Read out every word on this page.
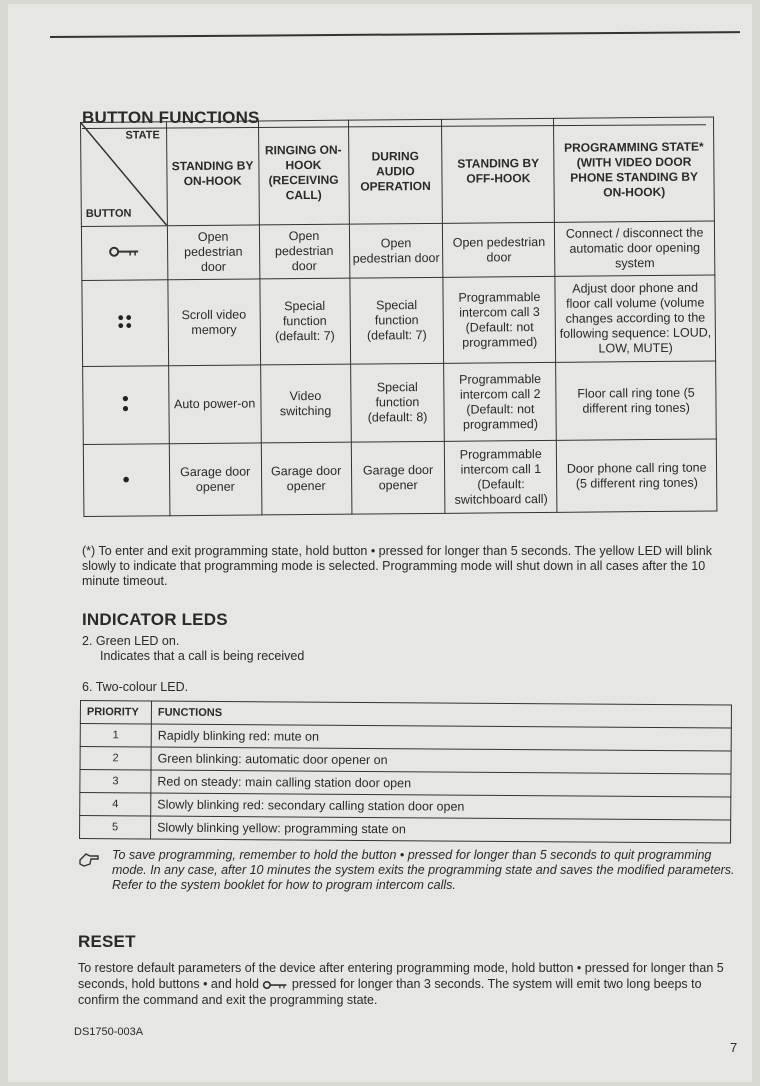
BUTTON FUNCTIONS
STATE
BUTTON	STANDING BY ON-HOOK	RINGING ON-HOOK (RECEIVING CALL)	DURING AUDIO OPERATION	STANDING BY OFF-HOOK	PROGRAMMING STATE* (WITH VIDEO DOOR PHONE STANDING BY ON-HOOK)
	Open pedestrian door	Open pedestrian door	Open pedestrian door	Open pedestrian door	Connect / disconnect the automatic door opening system
	Scroll video memory	Special function (default: 7)	Special function (default: 7)	Programmable intercom call 3 (Default: not programmed)	Adjust door phone and floor call volume (volume changes according to the following sequence: LOUD, LOW, MUTE)
	Auto power-on	Video switching	Special function (default: 8)	Programmable intercom call 2 (Default: not programmed)	Floor call ring tone (5 different ring tones)
	Garage door opener	Garage door opener	Garage door opener	Programmable intercom call 1 (Default: switchboard call)	Door phone call ring tone (5 different ring tones)
(*) To enter and exit programming state, hold button • pressed for longer than 5 seconds. The yellow LED will blink slowly to indicate that programming mode is selected. Programming mode will shut down in all cases after the 10 minute timeout.
INDICATOR LEDS
2. Green LED on.
Indicates that a call is being received
6. Two-colour LED.
PRIORITY	FUNCTIONS
1	Rapidly blinking red: mute on
2	Green blinking: automatic door opener on
3	Red on steady: main calling station door open
4	Slowly blinking red: secondary calling station door open
5	Slowly blinking yellow: programming state on
To save programming, remember to hold the button • pressed for longer than 5 seconds to quit programming mode. In any case, after 10 minutes the system exits the programming state and saves the modified parameters.
Refer to the system booklet for how to program intercom calls.
RESET
To restore default parameters of the device after entering programming mode, hold button • pressed for longer than 5 seconds, hold buttons • and hold	pressed for longer than 3 seconds. The system will emit two long beeps to confirm the command and exit the programming state.
DS1750-003A
7
